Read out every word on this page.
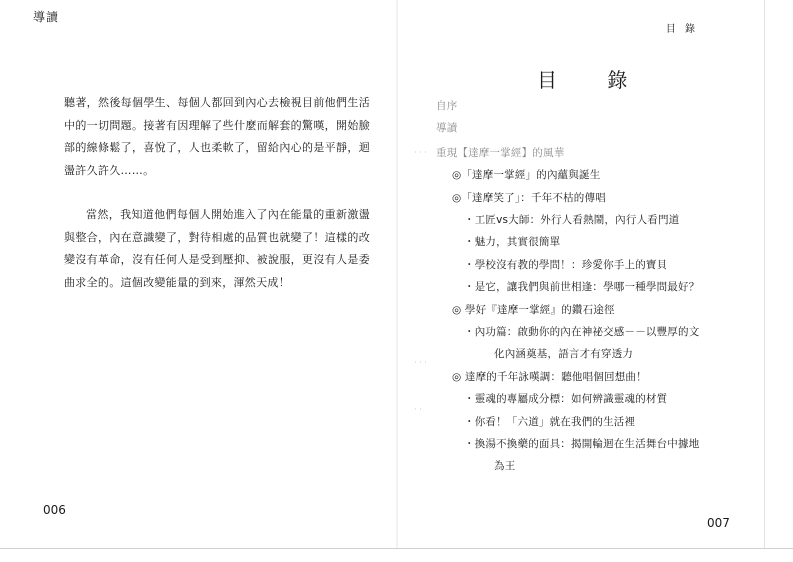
導讀

聽著，然後每個學生、每個人都回到內心去檢視目前他們生活中的一切問題。接著有因理解了些什麼而解套的驚嘆，開始臉部的線條鬆了，喜悅了，人也柔軟了，留給內心的是平靜，迴盪許久許久……。

當然，我知道他們每個人開始進入了內在能量的重新激盪與整合，內在意識變了，對待相處的品質也就變了！這樣的改變沒有革命，沒有任何人是受到壓抑、被說服，更沒有人是委曲求全的。這個改變能量的到來，渾然天成！

006
目 錄
目 錄
自序
導讀
重現【達摩一掌經】的風華
◎「達摩一掌經」的內蘊與誕生
◎「達摩笑了」：千年不枯的傳唱
・工匠vs大師：外行人看熱鬧，內行人看門道
・魅力，其實很簡單
・學校沒有教的學問！：珍愛你手上的寶貝
・是它，讓我們與前世相逢：學哪一種學問最好？
◎ 學好『達摩一掌經』的鑽石途徑
・內功篇：啟動你的內在神祕交感－－以豐厚的文
化內涵奠基，語言才有穿透力
◎ 達摩的千年詠嘆調：聽他唱個回想曲！
・靈魂的專屬成分標：如何辨識靈魂的材質
・你看！「六道」就在我們的生活裡
・換湯不換藥的面具：揭開輪迴在生活舞台中據地
為王
· · ·
· · ·
· ·
007
